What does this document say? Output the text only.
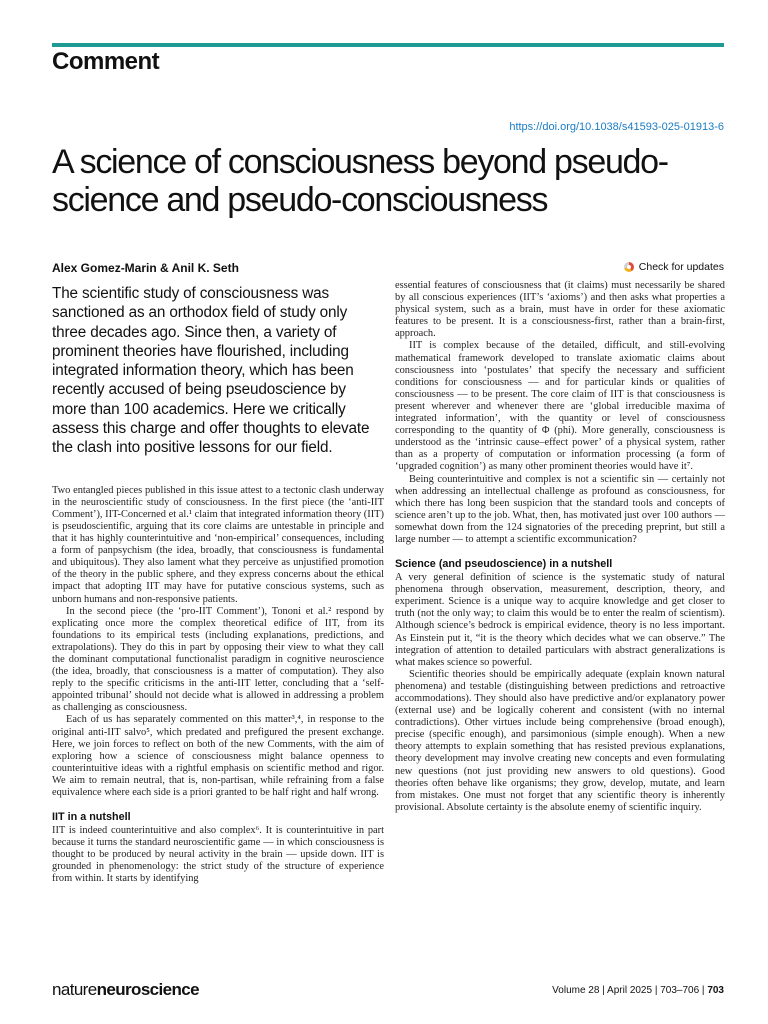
Comment
https://doi.org/10.1038/s41593-025-01913-6
A science of consciousness beyond pseudo-science and pseudo-consciousness
Alex Gomez-Marin & Anil K. Seth	Check for updates

The scientific study of consciousness was sanctioned as an orthodox field of study only three decades ago. Since then, a variety of prominent theories have flourished, including integrated information theory, which has been recently accused of being pseudoscience by more than 100 academics. Here we critically assess this charge and offer thoughts to elevate the clash into positive lessons for our field.

Two entangled pieces published in this issue attest to a tectonic clash underway in the neuroscientific study of consciousness. In the first piece (the ‘anti-IIT Comment’), IIT-Concerned et al.¹ claim that integrated information theory (IIT) is pseudoscientific, arguing that its core claims are untestable in principle and that it has highly counterintuitive and ‘non-empirical’ consequences, including a form of panpsychism (the idea, broadly, that consciousness is fundamental and ubiquitous). They also lament what they perceive as unjustified promotion of the theory in the public sphere, and they express concerns about the ethical impact that adopting IIT may have for putative conscious systems, such as unborn humans and non-responsive patients.

In the second piece (the ‘pro-IIT Comment’), Tononi et al.² respond by explicating once more the complex theoretical edifice of IIT, from its foundations to its empirical tests (including explanations, predictions, and extrapolations). They do this in part by opposing their view to what they call the dominant computational functionalist paradigm in cognitive neuroscience (the idea, broadly, that consciousness is a matter of computation). They also reply to the specific criticisms in the anti-IIT letter, concluding that a ‘self-appointed tribunal’ should not decide what is allowed in addressing a problem as challenging as consciousness.

Each of us has separately commented on this matter³,⁴, in response to the original anti-IIT salvo⁵, which predated and prefigured the present exchange. Here, we join forces to reflect on both of the new Comments, with the aim of exploring how a science of consciousness might balance openness to counterintuitive ideas with a rightful emphasis on scientific method and rigor. We aim to remain neutral, that is, non-partisan, while refraining from a false equivalence where each side is a priori granted to be half right and half wrong.

IIT in a nutshell

IIT is indeed counterintuitive and also complex⁶. It is counterintuitive in part because it turns the standard neuroscientific game — in which consciousness is thought to be produced by neural activity in the brain — upside down. IIT is grounded in phenomenology: the strict study of the structure of experience from within. It starts by identifying

essential features of consciousness that (it claims) must necessarily be shared by all conscious experiences (IIT’s ‘axioms’) and then asks what properties a physical system, such as a brain, must have in order for these axiomatic features to be present. It is a consciousness-first, rather than a brain-first, approach.

IIT is complex because of the detailed, difficult, and still-evolving mathematical framework developed to translate axiomatic claims about consciousness into ‘postulates’ that specify the necessary and sufficient conditions for consciousness — and for particular kinds or qualities of consciousness — to be present. The core claim of IIT is that consciousness is present wherever and whenever there are ‘global irreducible maxima of integrated information’, with the quantity or level of consciousness corresponding to the quantity of Φ (phi). More generally, consciousness is understood as the ‘intrinsic cause–effect power’ of a physical system, rather than as a property of computation or information processing (a form of ‘upgraded cognition’) as many other prominent theories would have it⁷.

Being counterintuitive and complex is not a scientific sin — certainly not when addressing an intellectual challenge as profound as consciousness, for which there has long been suspicion that the standard tools and concepts of science aren’t up to the job. What, then, has motivated just over 100 authors — somewhat down from the 124 signatories of the preceding preprint, but still a large number — to attempt a scientific excommunication?

Science (and pseudoscience) in a nutshell

A very general definition of science is the systematic study of natural phenomena through observation, measurement, description, theory, and experiment. Science is a unique way to acquire knowledge and get closer to truth (not the only way; to claim this would be to enter the realm of scientism). Although science’s bedrock is empirical evidence, theory is no less important. As Einstein put it, “it is the theory which decides what we can observe.” The integration of attention to detailed particulars with abstract generalizations is what makes science so powerful.

Scientific theories should be empirically adequate (explain known natural phenomena) and testable (distinguishing between predictions and retroactive accommodations). They should also have predictive and/or explanatory power (external use) and be logically coherent and consistent (with no internal contradictions). Other virtues include being comprehensive (broad enough), precise (specific enough), and parsimonious (simple enough). When a new theory attempts to explain something that has resisted previous explanations, theory development may involve creating new concepts and even formulating new questions (not just providing new answers to old questions). Good theories often behave like organisms; they grow, develop, mutate, and learn from mistakes. One must not forget that any scientific theory is inherently provisional. Absolute certainty is the absolute enemy of scientific inquiry.

natureneuroscience	Volume 28 | April 2025 | 703–706 | 703
